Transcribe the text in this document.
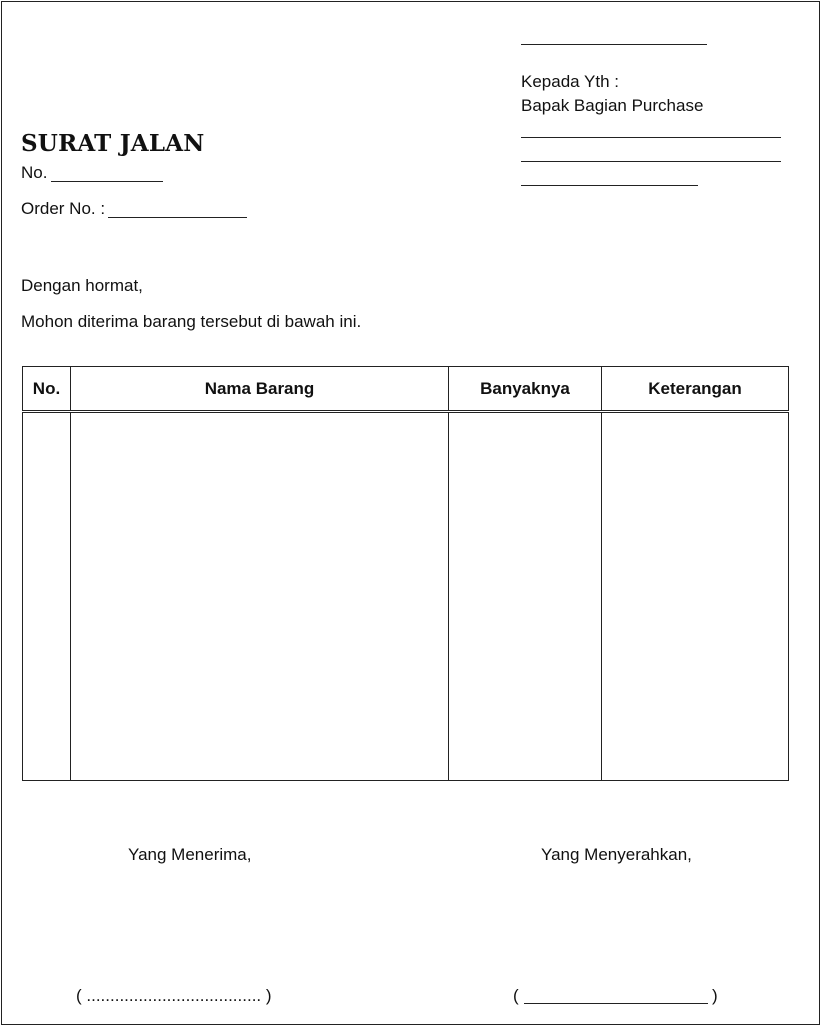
Kepada Yth :
Bapak Bagian Purchase
SURAT JALAN
No.
Order No. :
Dengan hormat,
Mohon diterima barang tersebut di bawah ini.
No.	Nama Barang	Banyaknya	Keterangan

Yang Menerima,	Yang Menyerahkan,
( ..................................... )	(	)
